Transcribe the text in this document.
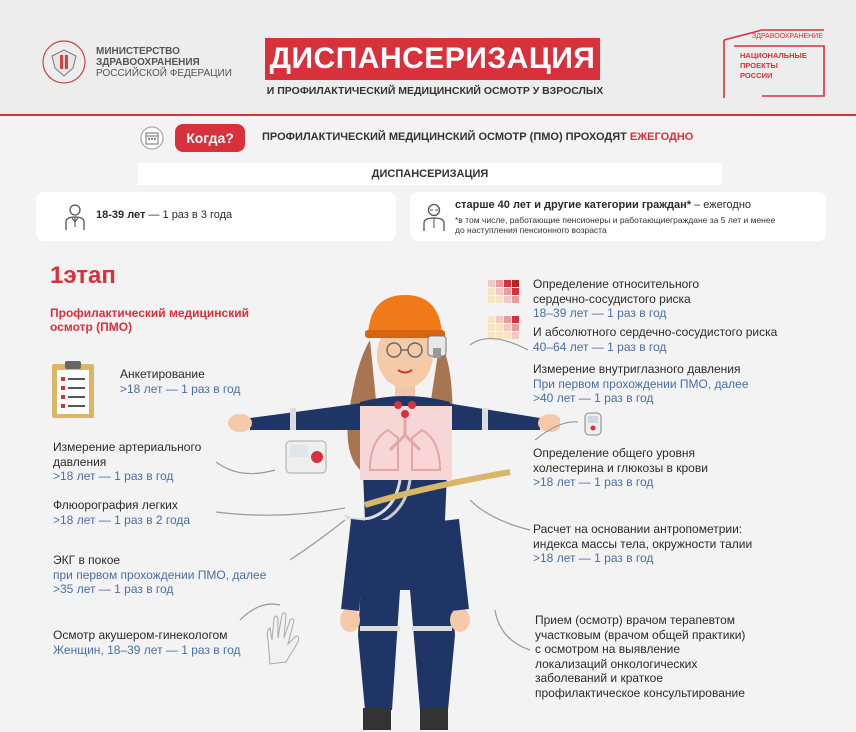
МИНИСТЕРСТВО
ЗДРАВООХРАНЕНИЯ
РОССИЙСКОЙ ФЕДЕРАЦИИ ДИСПАНСЕРИЗАЦИЯ
И ПРОФИЛАКТИЧЕСКИЙ МЕДИЦИНСКИЙ ОСМОТР У ВЗРОСЛЫХ
ЗДРАВООХРАНЕНИЕ
НАЦИОНАЛЬНЫЕ
ПРОЕКТЫ
РОССИИ
Когда?	ПРОФИЛАКТИЧЕСКИЙ МЕДИЦИНСКИЙ ОСМОТР (ПМО) ПРОХОДЯТ ЕЖЕГОДНО
ДИСПАНСЕРИЗАЦИЯ
18-39 лет — 1 раз в 3 года
старше 40 лет и другие категории граждан* – ежегодно
*в том числе, работающие пенсионеры и работающиеграждане за 5 лет и менее
до наступления пенсионного возраста
1этап
Профилактический медицинский осмотр (ПМО)
Анкетирование
>18 лет — 1 раз в год
Измерение артериального давления
>18 лет — 1 раз в год
Флюорография легких
>18 лет — 1 раз в 2 года
ЭКГ в покое
при первом прохождении ПМО, далее
>35 лет — 1 раз в год
Осмотр акушером-гинекологом
Женщин, 18–39 лет — 1 раз в год
Определение относительного
сердечно-сосудистого риска
18–39 лет — 1 раз в год
И абсолютного сердечно-сосудистого риска
40–64 лет — 1 раз в год
Измерение внутриглазного давления
При первом прохождении ПМО, далее
>40 лет — 1 раз в год
Определение общего уровня
холестерина и глюкозы в крови
>18 лет — 1 раз в год
Расчет на основании антропометрии:
индекса массы тела, окружности талии
>18 лет — 1 раз в год
Прием (осмотр) врачом терапевтом
участковым (врачом общей практики)
с осмотром на выявление
локализаций онкологических
заболеваний и краткое
профилактическое консультирование
